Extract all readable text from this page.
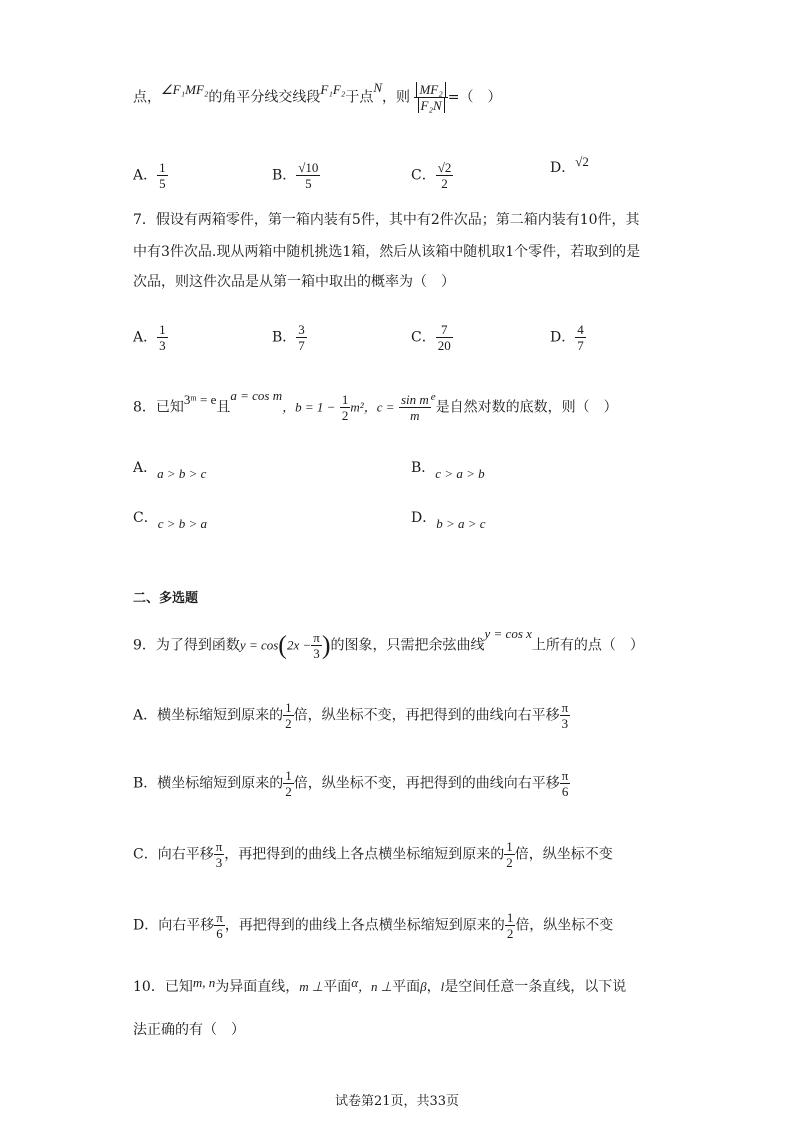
点，∠F₁MF₂的角平分线交线段F₁F₂于点N，则 $\frac{\text{MF₂}}{\text{F₂N}}$ =（　）
A． $\frac{1}{5}$	B． $\frac{√10}{5}$	C． $\frac{√2}{2}$	D．√2
7．假设有两箱零件，第一箱内装有5件，其中有2件次品；第二箱内装有10件，其
中有3件次品.现从两箱中随机挑选1箱，然后从该箱中随机取1个零件，若取到的是
次品，则这件次品是从第一箱中取出的概率为（　）
A． $\frac{1}{3}$	B． $\frac{3}{7}$	C． $\frac{7}{20}$	D． $\frac{4}{7}$
8．已知3ᵐ = e且a = cos m，$b = 1 - \frac{1}{2} m^2$，$c = \frac{\text{sin m}}{m} ^e$是自然对数的底数，则（　）
A．a > b > c	B．c > a > b
C．c > b > a	D．b > a > c
二、多选题
9．为了得到函数$y = \cos(2x - \frac{\pi}{3}$ )的图象，只需把余弦曲线y = cos x上所有的点（　）
A．横坐标缩短到原来的 $\frac{1}{2}$ 倍，纵坐标不变，再把得到的曲线向右平移 $\frac{\pi}{3}$
B．横坐标缩短到原来的 $\frac{1}{2}$ 倍，纵坐标不变，再把得到的曲线向右平移 $\frac{\pi}{6}$
C．向右平移 $\frac{\pi}{3}$ ，再把得到的曲线上各点横坐标缩短到原来的 $\frac{1}{2}$ 倍，纵坐标不变
D．向右平移 $\frac{\pi}{6}$ ，再把得到的曲线上各点横坐标缩短到原来的 $\frac{1}{2}$ 倍，纵坐标不变
10．已知m, n为异面直线，m ⊥平面α，n ⊥平面β，l是空间任意一条直线，以下说
法正确的有（　）
试卷第21页，共33页
